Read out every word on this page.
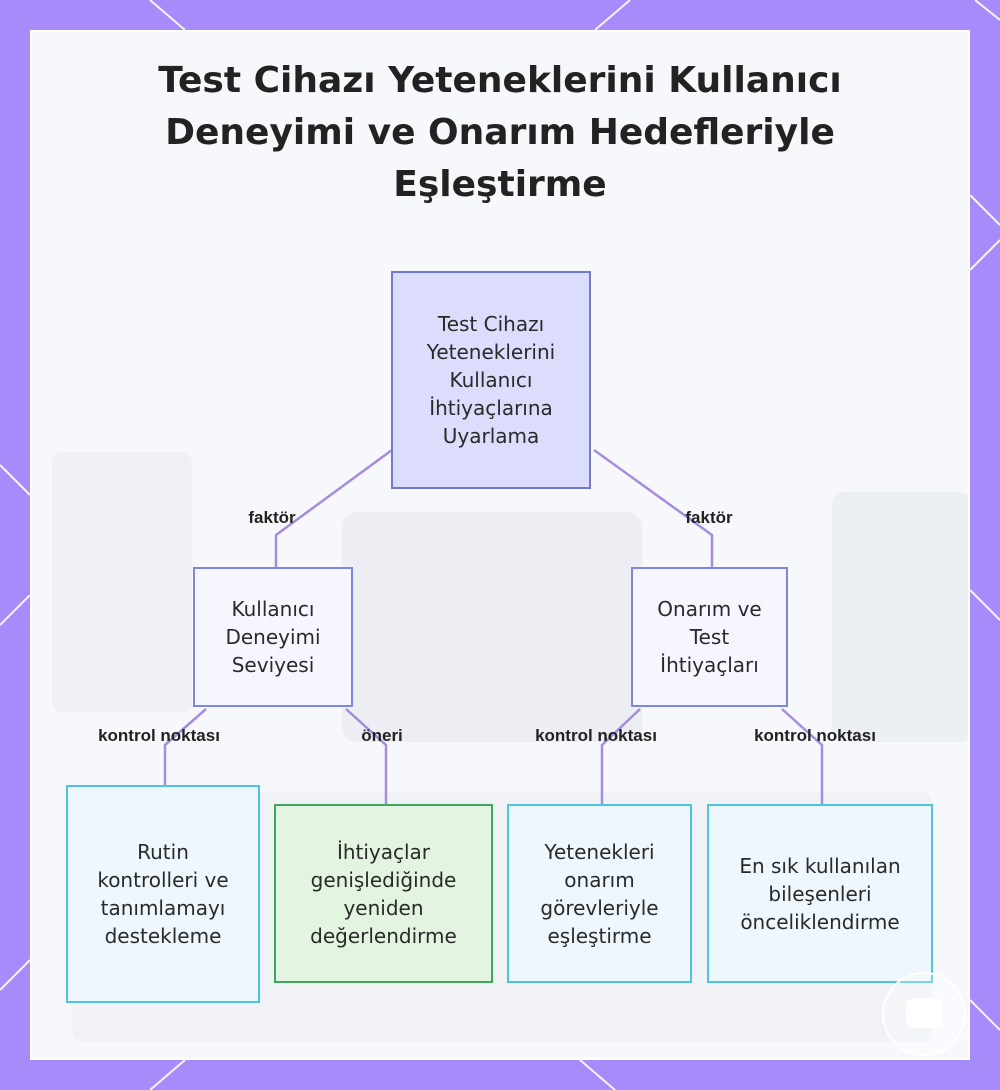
Test Cihazı Yeteneklerini Kullanıcı Deneyimi ve Onarım Hedefleriyle Eşleştirme
Test Cihazı Yeteneklerini Kullanıcı İhtiyaçlarına Uyarlama
Kullanıcı Deneyimi Seviyesi
Onarım ve Test İhtiyaçları
Rutin kontrolleri ve tanımlamayı destekleme
İhtiyaçlar genişlediğinde yeniden değerlendirme
Yetenekleri onarım görevleriyle eşleştirme
En sık kullanılan bileşenleri önceliklendirme
faktör	faktör
kontrol noktası	öneri	kontrol noktası	kontrol noktası
